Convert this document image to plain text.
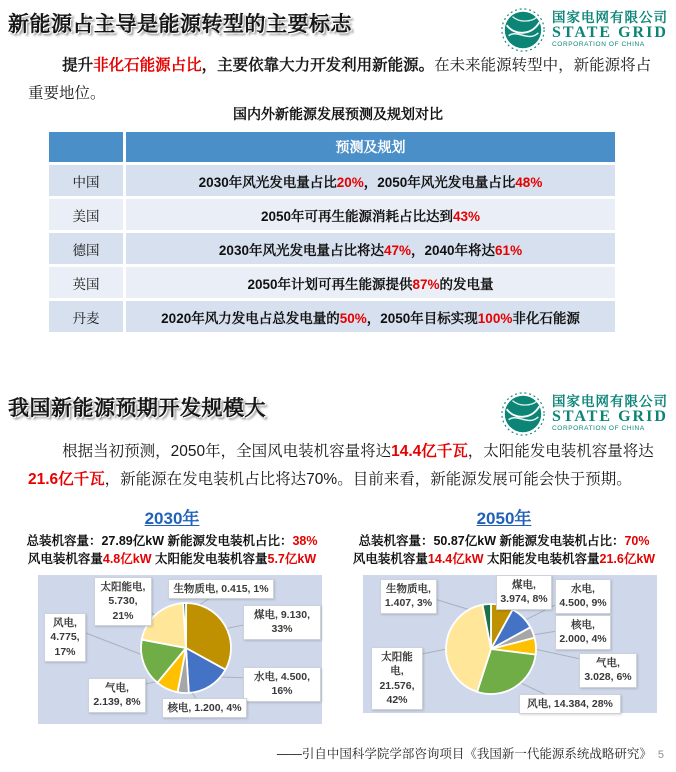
新能源占主导是能源转型的主要标志	国家电网有限公司
STATE GRID
CORPORATION OF CHINA

提升非化石能源占比，主要依靠大力开发利用新能源。在未来能源转型中，新能源将占重要地位。

国内外新能源发展预测及规划对比
	预测及规划
中国	2030年风光发电量占比20%，2050年风光发电量占比48%
美国	2050年可再生能源消耗占比达到43%
德国	2030年风光发电量占比将达47%，2040年将达61%
英国	2050年计划可再生能源提供87%的发电量
丹麦	2020年风力发电占总发电量的50%，2050年目标实现100%非化石能源
我国新能源预期开发规模大	国家电网有限公司
STATE GRID
CORPORATION OF CHINA

根据当初预测，2050年，全国风电装机容量将达14.4亿千瓦，太阳能发电装机容量将达21.6亿千瓦，新能源在发电装机占比将达70%。目前来看，新能源发展可能会快于预期。

2030年
总装机容量：27.89亿kW 新能源发电装机占比：38%
风电装机容量4.8亿kW 太阳能发电装机容量5.7亿kW
煤电, 9.130, 33%
水电, 4.500, 16%
核电, 1.200, 4%
气电, 2.139, 8%
风电, 4.775, 17%
太阳能电, 5.730, 21%
生物质电, 0.415, 1%
2050年
总装机容量：50.87亿kW 新能源发电装机占比：70%
风电装机容量14.4亿kW 太阳能发电装机容量21.6亿kW
煤电, 3.974, 8%
水电, 4.500, 9%
核电, 2.000, 4%
气电, 3.028, 6%
风电, 14.384, 28%
太阳能电, 21.576, 42%
生物质电, 1.407, 3%
——引自中国科学院学部咨询项目《我国新一代能源系统战略研究》 5
